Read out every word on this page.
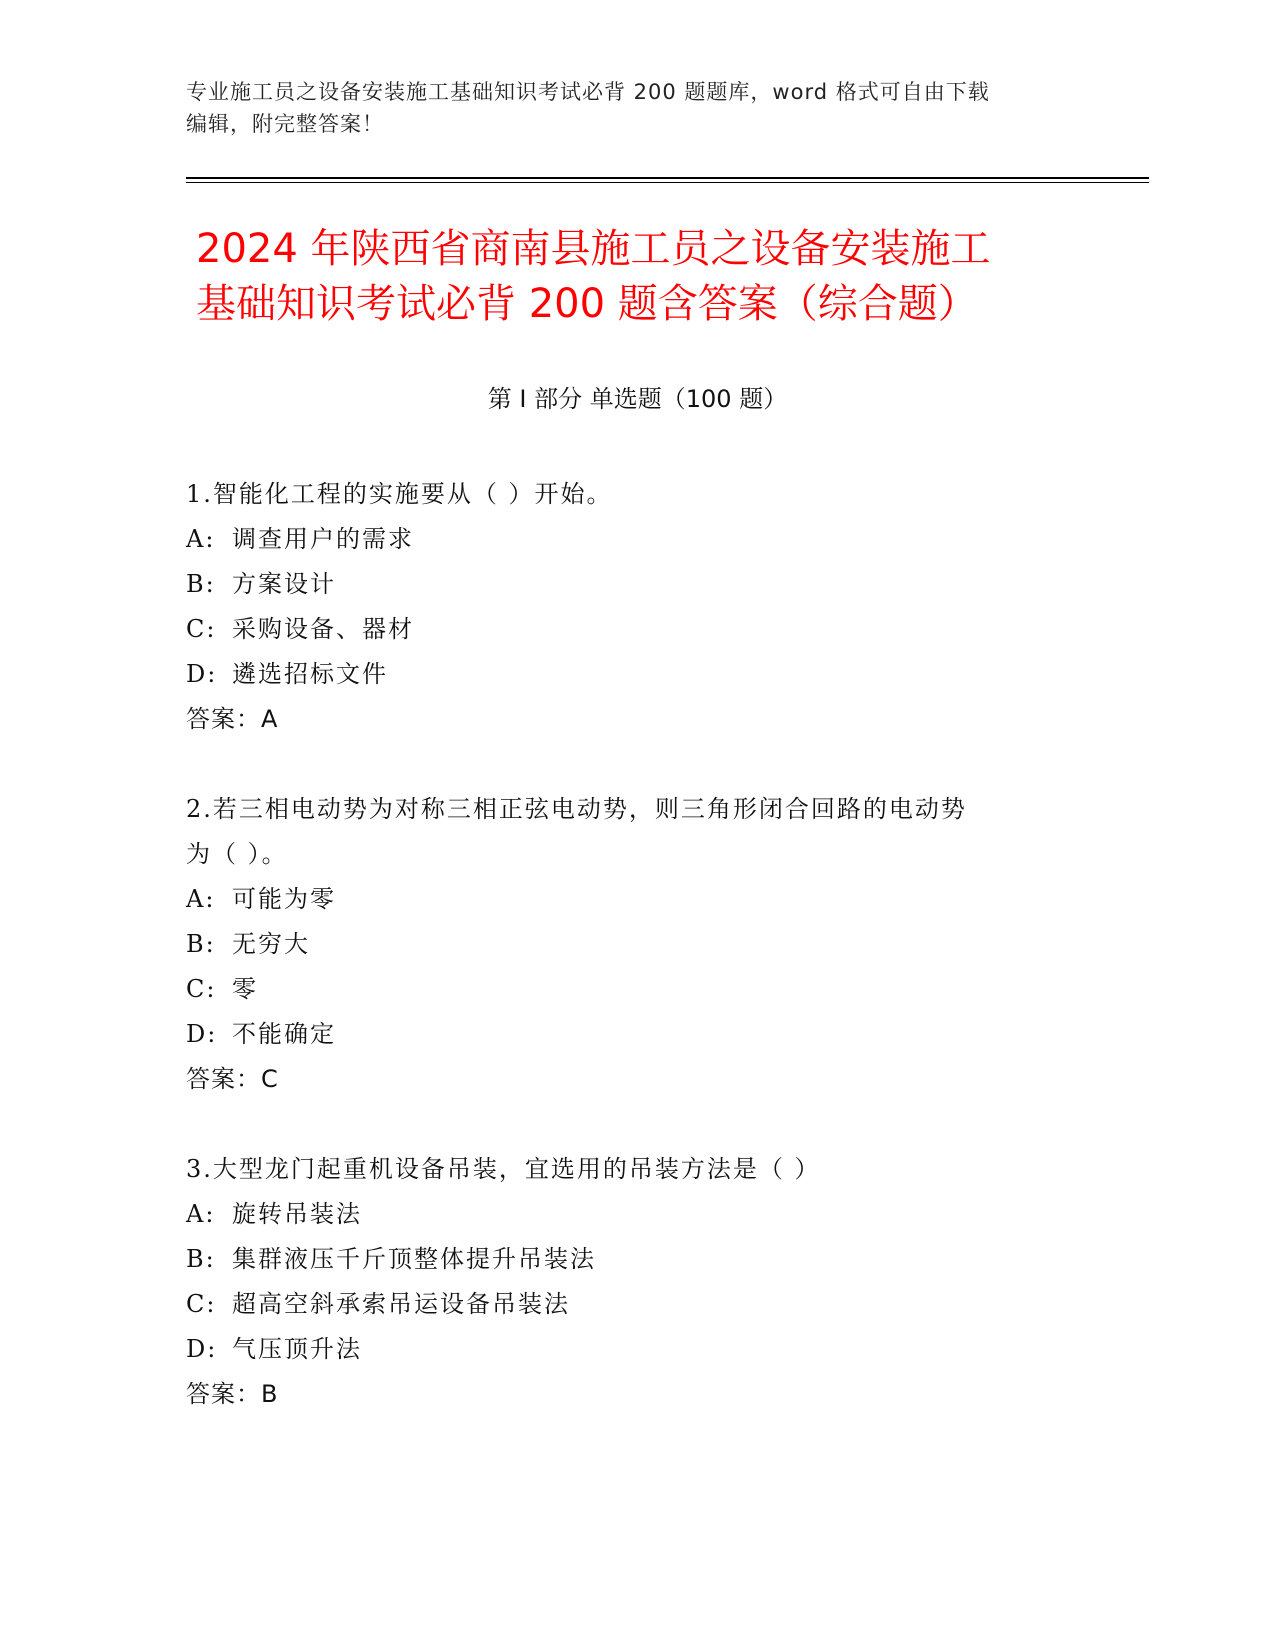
专业施工员之设备安装施工基础知识考试必背 200 题题库，word 格式可自由下载
编辑，附完整答案！
2024 年陕西省商南县施工员之设备安装施工
基础知识考试必背 200 题含答案（综合题）
第 I 部分 单选题（100 题）
1.智能化工程的实施要从（ ）开始。
A: 调查用户的需求
B: 方案设计
C: 采购设备、器材
D: 遴选招标文件
答案：A
2.若三相电动势为对称三相正弦电动势，则三角形闭合回路的电动势
为（ ）。
A: 可能为零
B: 无穷大
C: 零
D: 不能确定
答案：C
3.大型龙门起重机设备吊装，宜选用的吊装方法是（ ）
A: 旋转吊装法
B: 集群液压千斤顶整体提升吊装法
C: 超高空斜承索吊运设备吊装法
D: 气压顶升法
答案：B
